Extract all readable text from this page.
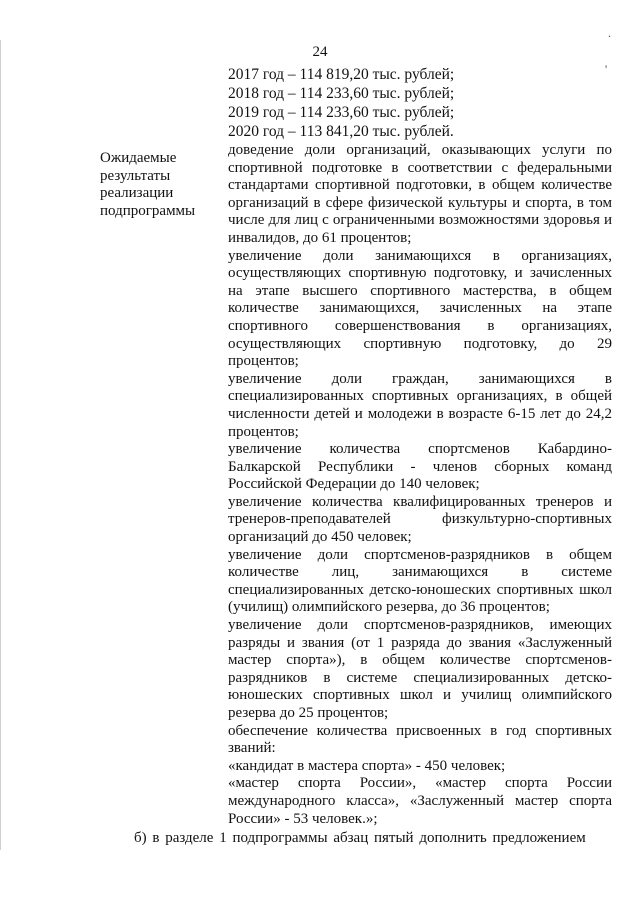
24
.
'
2017 год – 114 819,20 тыс. рублей;
2018 год – 114 233,60 тыс. рублей;
2019 год – 114 233,60 тыс. рублей;
2020 год – 113 841,20 тыс. рублей.
Ожидаемые результаты реализации подпрограммы

доведение доли организаций, оказывающих услуги по спортивной подготовке в соответствии с федеральными стандартами спортивной подготовки, в общем количестве организаций в сфере физической культуры и спорта, в том числе для лиц с ограниченными возможностями здоровья и инвалидов, до 61 процентов;

увеличение доли занимающихся в организациях, осуществляющих спортивную подготовку, и зачисленных на этапе высшего спортивного мастерства, в общем количестве занимающихся, зачисленных на этапе спортивного совершенствования в организациях, осуществляющих спортивную подготовку, до 29 процентов;

увеличение доли граждан, занимающихся в специализированных спортивных организациях, в общей численности детей и молодежи в возрасте 6-15 лет до 24,2 процентов;

увеличение количества спортсменов Кабардино-Балкарской Республики - членов сборных команд Российской Федерации до 140 человек;

увеличение количества квалифицированных тренеров и тренеров-преподавателей физкультурно-спортивных организаций до 450 человек;

увеличение доли спортсменов-разрядников в общем количестве лиц, занимающихся в системе специализированных детско-юношеских спортивных школ (училищ) олимпийского резерва, до 36 процентов;

увеличение доли спортсменов-разрядников, имеющих разряды и звания (от 1 разряда до звания «Заслуженный мастер спорта»), в общем количестве спортсменов-разрядников в системе специализированных детско-юношеских спортивных школ и училищ олимпийского резерва до 25 процентов;

обеспечение количества присвоенных в год спортивных званий:

«кандидат в мастера спорта» - 450 человек;

«мастер спорта России», «мастер спорта России международного класса», «Заслуженный мастер спорта России» - 53 человек.»;

б) в разделе 1 подпрограммы абзац пятый дополнить предложением
